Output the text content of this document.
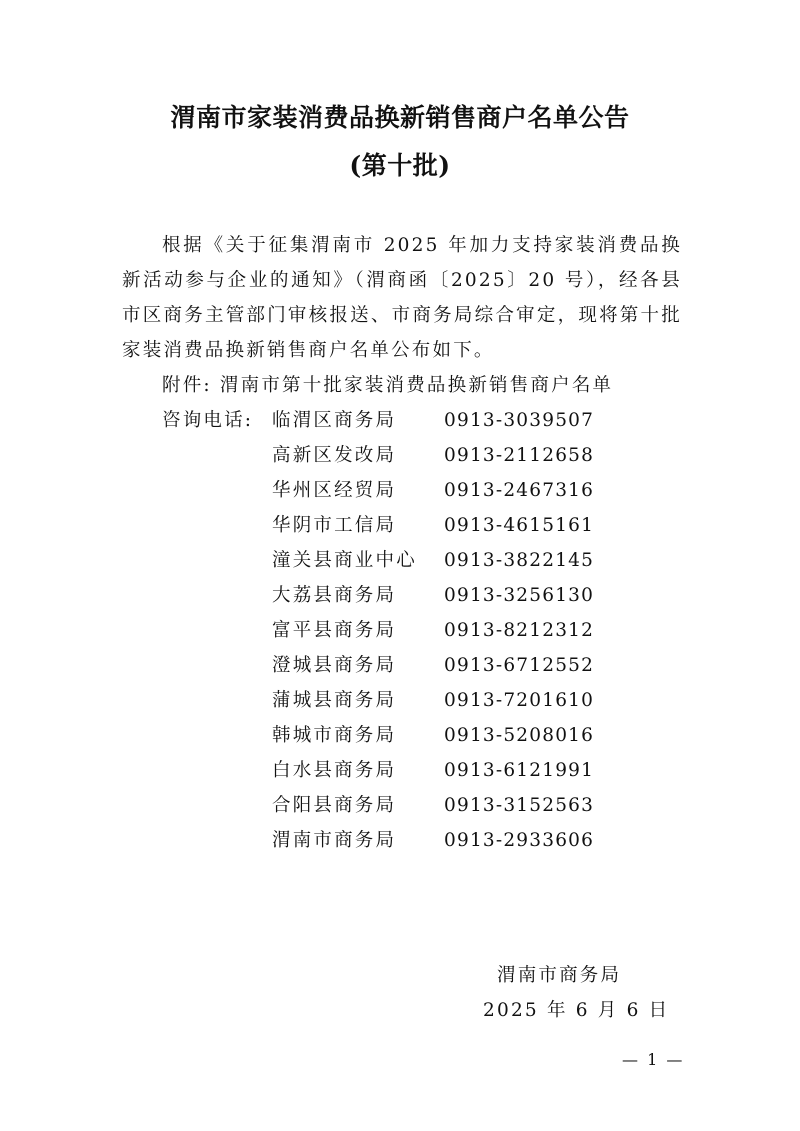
渭南市家装消费品换新销售商户名单公告
(第十批)

根据《关于征集渭南市 2025 年加力支持家装消费品换新活动参与企业的通知》（渭商函〔2025〕20 号），经各县市区商务主管部门审核报送、市商务局综合审定，现将第十批家装消费品换新销售商户名单公布如下。

附件: 渭南市第十批家装消费品换新销售商户名单
咨询电话: 临渭区商务局	0913-3039507
高新区发改局	0913-2112658
华州区经贸局	0913-2467316
华阴市工信局	0913-4615161
潼关县商业中心 0913-3822145
大荔县商务局	0913-3256130
富平县商务局	0913-8212312
澄城县商务局	0913-6712552
蒲城县商务局	0913-7201610
韩城市商务局	0913-5208016
白水县商务局	0913-6121991
合阳县商务局	0913-3152563
渭南市商务局	0913-2933606
渭南市商务局
2025 年 6 月 6 日
— 1 —
